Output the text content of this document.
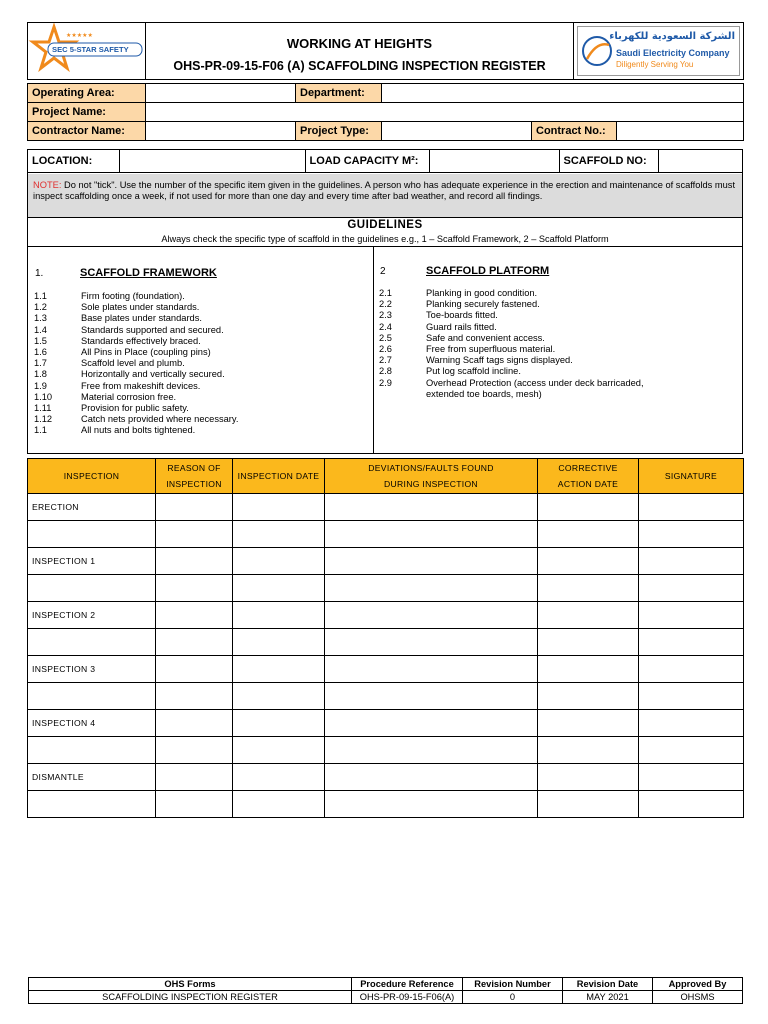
★★★★★
SEC 5-STAR SAFETY	WORKING AT HEIGHTS
OHS-PR-09-15-F06 (A) SCAFFOLDING INSPECTION REGISTER

الشركة السعودية للكهرباء
Saudi Electricity Company
Diligently Serving You
Operating Area:		Department:			
Project Name:					
Contractor Name:		Project Type:		Contract No.:	
LOCATION:		LOAD CAPACITY M²:		SCAFFOLD NO:	
NOTE: Do not "tick". Use the number of the specific item given in the guidelines. A person who has adequate experience in the erection and maintenance of scaffolds must inspect scaffolding once a week, if not used for more than one day and every time after bad weather, and record all findings.
GUIDELINES
Always check the specific type of scaffold in the guidelines e.g., 1 – Scaffold Framework, 2 – Scaffold Platform
1.	SCAFFOLD FRAMEWORK
1.1	Firm footing (foundation).
1.2	Sole plates under standards.
1.3	Base plates under standards.
1.4	Standards supported and secured.
1.5	Standards effectively braced.
1.6	All Pins in Place (coupling pins)
1.7	Scaffold level and plumb.
1.8	Horizontally and vertically secured.
1.9	Free from makeshift devices.
1.10	Material corrosion free.
1.11	Provision for public safety.
1.12	Catch nets provided where necessary.
1.1	All nuts and bolts tightened.
2	SCAFFOLD PLATFORM
2.1	Planking in good condition.
2.2	Planking securely fastened.
2.3	Toe-boards fitted.
2.4	Guard rails fitted.
2.5	Safe and convenient access.
2.6	Free from superfluous material.
2.7	Warning Scaff tags signs displayed.
2.8	Put log scaffold incline.
2.9	Overhead Protection (access under deck barricaded,
extended toe boards, mesh)
INSPECTION	REASON OF INSPECTION	INSPECTION DATE	DEVIATIONS/FAULTS FOUND DURING INSPECTION	CORRECTIVE ACTION DATE	SIGNATURE
ERECTION					

INSPECTION 1					

INSPECTION 2					

INSPECTION 3					

INSPECTION 4					

DISMANTLE					

OHS Forms	Procedure Reference	Revision Number	Revision Date	Approved By
SCAFFOLDING INSPECTION REGISTER	OHS-PR-09-15-F06(A)	0	MAY 2021	OHSMS
